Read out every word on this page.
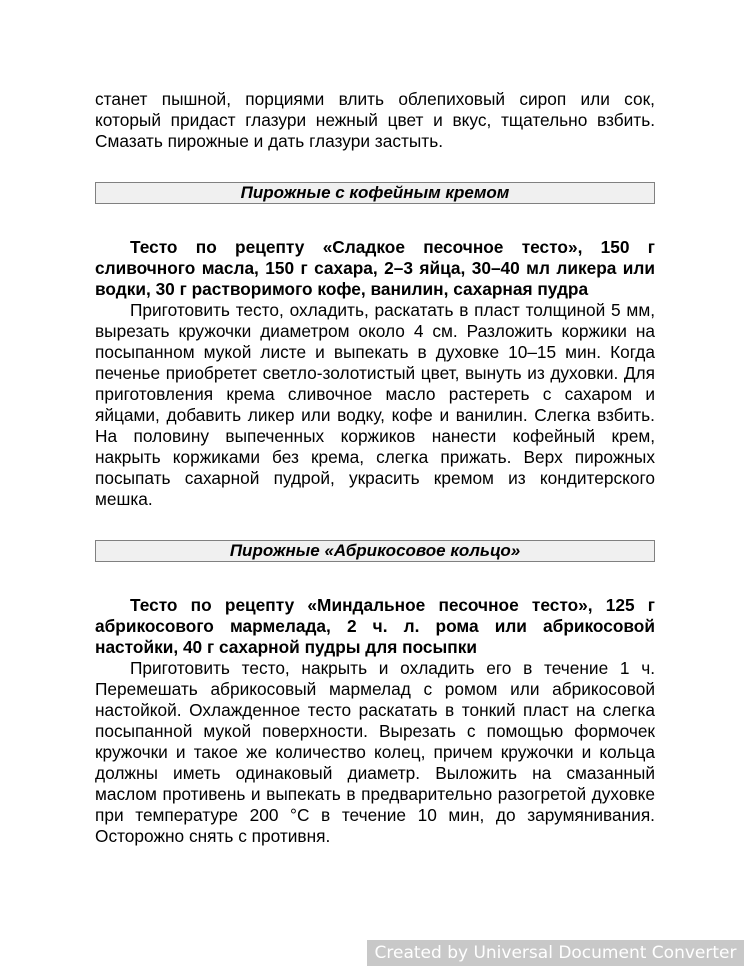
станет пышной, порциями влить облепиховый сироп или сок, который придаст глазури нежный цвет и вкус, тщательно взбить. Смазать пирожные и дать глазури застыть.

Пирожные с кофейным кремом

Тесто по рецепту «Сладкое песочное тесто», 150 г сливочного масла, 150 г сахара, 2–3 яйца, 30–40 мл ликера или водки, 30 г растворимого кофе, ванилин, сахарная пудра

Приготовить тесто, охладить, раскатать в пласт толщиной 5 мм, вырезать кружочки диаметром около 4 см. Разложить коржики на посыпанном мукой листе и выпекать в духовке 10–15 мин. Когда печенье приобретет светло-золотистый цвет, вынуть из духовки. Для приготовления крема сливочное масло растереть с сахаром и яйцами, добавить ликер или водку, кофе и ванилин. Слегка взбить. На половину выпеченных коржиков нанести кофейный крем, накрыть коржиками без крема, слегка прижать. Верх пирожных посыпать сахарной пудрой, украсить кремом из кондитерского мешка.

Пирожные «Абрикосовое кольцо»

Тесто по рецепту «Миндальное песочное тесто», 125 г абрикосового мармелада, 2 ч. л. рома или абрикосовой настойки, 40 г сахарной пудры для посыпки

Приготовить тесто, накрыть и охладить его в течение 1 ч. Перемешать абрикосовый мармелад с ромом или абрикосовой настойкой. Охлажденное тесто раскатать в тонкий пласт на слегка посыпанной мукой поверхности. Вырезать с помощью формочек кружочки и такое же количество колец, причем кружочки и кольца должны иметь одинаковый диаметр. Выложить на смазанный маслом противень и выпекать в предварительно разогретой духовке при температуре 200 °С в течение 10 мин, до зарумянивания. Осторожно снять с противня.

Created by Universal Document Converter
